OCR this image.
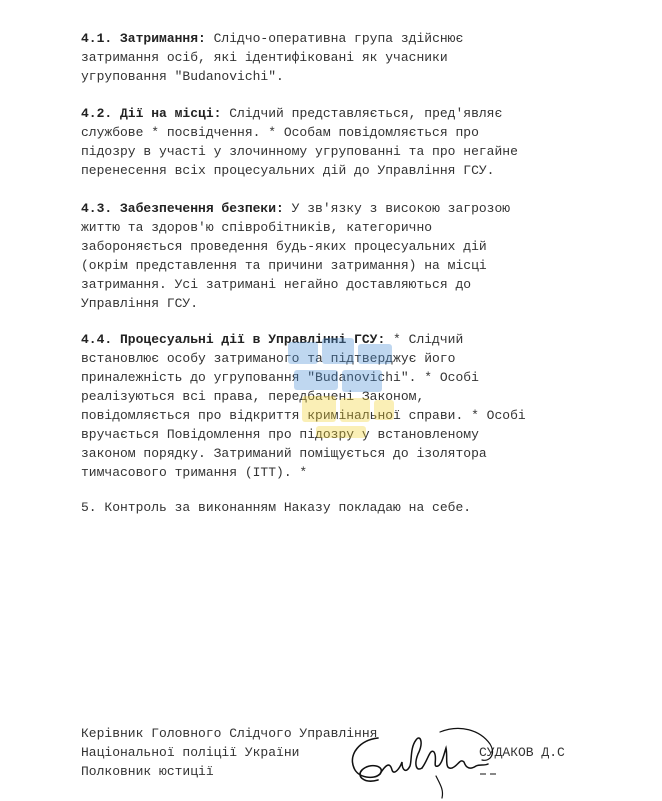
4.1. Затримання: Слідчо-оперативна група здійснює
затримання осіб, які ідентифіковані як учасники
угруповання "Budanovichi".

4.2. Дії на місці: Слідчий представляється, пред'являє
службове * посвідчення. * Особам повідомляється про
підозру в участі у злочинному угрупованні та про негайне
перенесення всіх процесуальних дій до Управління ГСУ.

4.3. Забезпечення безпеки: У зв'язку з високою загрозою
життю та здоров'ю співробітників, категорично
забороняється проведення будь-яких процесуальних дій
(окрім представлення та причини затримання) на місці
затримання. Усі затримані негайно доставляються до
Управління ГСУ.

4.4. Процесуальні дії в Управлінні ГСУ: * Слідчий
встановлює особу затриманого та підтверджує його
приналежність до угруповання "Budanovichi". * Особі
реалізуються всі права, передбачені Законом,
повідомляється про відкриття кримінальної справи. * Особі
вручається Повідомлення про підозру у встановленому
законом порядку. Затриманий поміщується до ізолятора
тимчасового тримання (ІТТ). *

5. Контроль за виконанням Наказу покладаю на себе.

Керівник Головного Слідчого Управління
Національної поліції України
Полковник юстиції
СУДАКОВ Д.С
